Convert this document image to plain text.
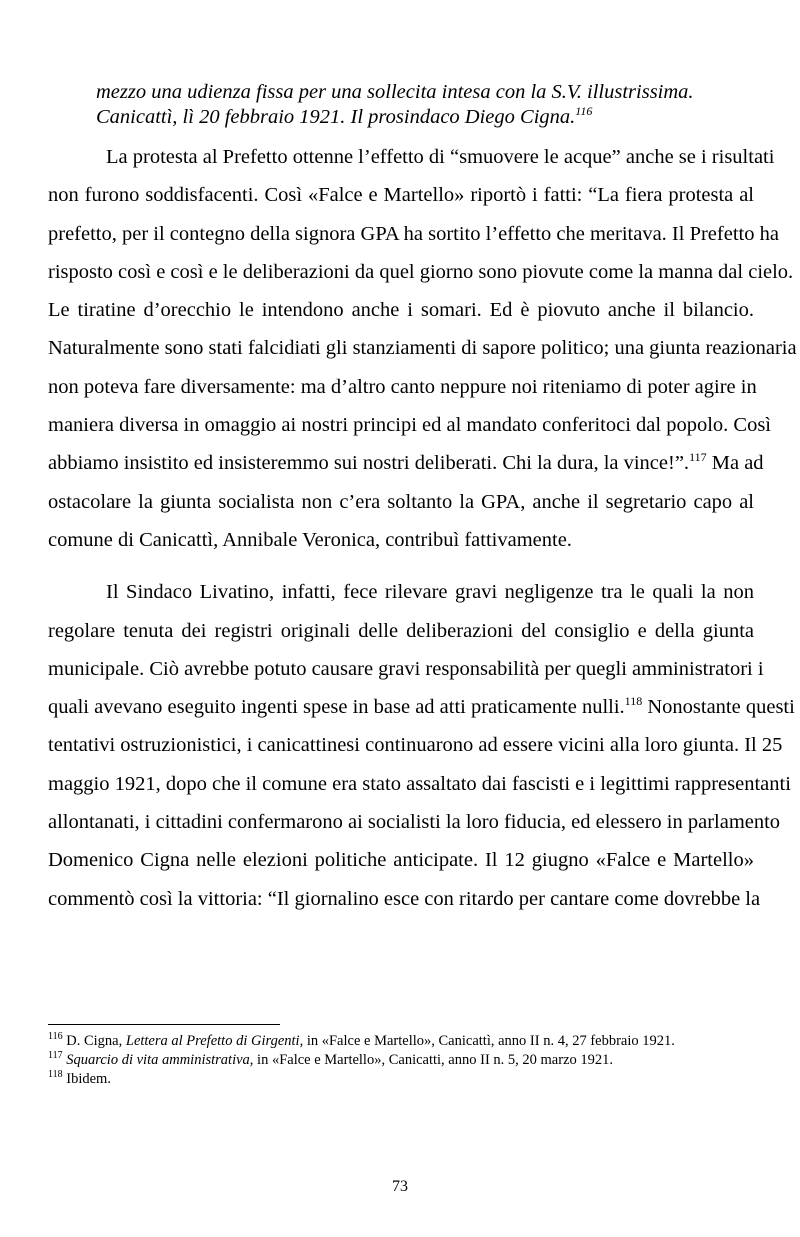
mezzo una udienza fissa per una sollecita intesa con la S.V. illustrissima.

Canicattì, lì 20 febbraio 1921. Il prosindaco Diego Cigna.$^{116}$

La protesta al Prefetto ottenne l’effetto di “smuovere le acque” anche se i risultati
non furono soddisfacenti. Così «Falce e Martello» riportò i fatti: “La fiera protesta al
prefetto, per il contegno della signora GPA ha sortito l’effetto che meritava. Il Prefetto ha
risposto così e così e le deliberazioni da quel giorno sono piovute come la manna dal cielo.
Le tiratine d’orecchio le intendono anche i somari. Ed è piovuto anche il bilancio.
Naturalmente sono stati falcidiati gli stanziamenti di sapore politico; una giunta reazionaria
non poteva fare diversamente: ma d’altro canto neppure noi riteniamo di poter agire in
maniera diversa in omaggio ai nostri principi ed al mandato conferitoci dal popolo. Così
abbiamo insistito ed insisteremmo sui nostri deliberati. Chi la dura, la vince!”.$^{117}$ Ma ad
ostacolare la giunta socialista non c’era soltanto la GPA, anche il segretario capo al
comune di Canicattì, Annibale Veronica, contribuì fattivamente.
Il Sindaco Livatino, infatti, fece rilevare gravi negligenze tra le quali la non
regolare tenuta dei registri originali delle deliberazioni del consiglio e della giunta
municipale. Ciò avrebbe potuto causare gravi responsabilità per quegli amministratori i
quali avevano eseguito ingenti spese in base ad atti praticamente nulli.$^{118}$ Nonostante questi
tentativi ostruzionistici, i canicattinesi continuarono ad essere vicini alla loro giunta. Il 25
maggio 1921, dopo che il comune era stato assaltato dai fascisti e i legittimi rappresentanti
allontanati, i cittadini confermarono ai socialisti la loro fiducia, ed elessero in parlamento
Domenico Cigna nelle elezioni politiche anticipate. Il 12 giugno «Falce e Martello»
commentò così la vittoria: “Il giornalino esce con ritardo per cantare come dovrebbe la

$^{116}$ D. Cigna, Lettera al Prefetto di Girgenti, in «Falce e Martello», Canicattì, anno II n. 4, 27 febbraio 1921.

$^{117}$ Squarcio di vita amministrativa, in «Falce e Martello», Canicatti, anno II n. 5, 20 marzo 1921.

$^{118}$ Ibidem.

73
